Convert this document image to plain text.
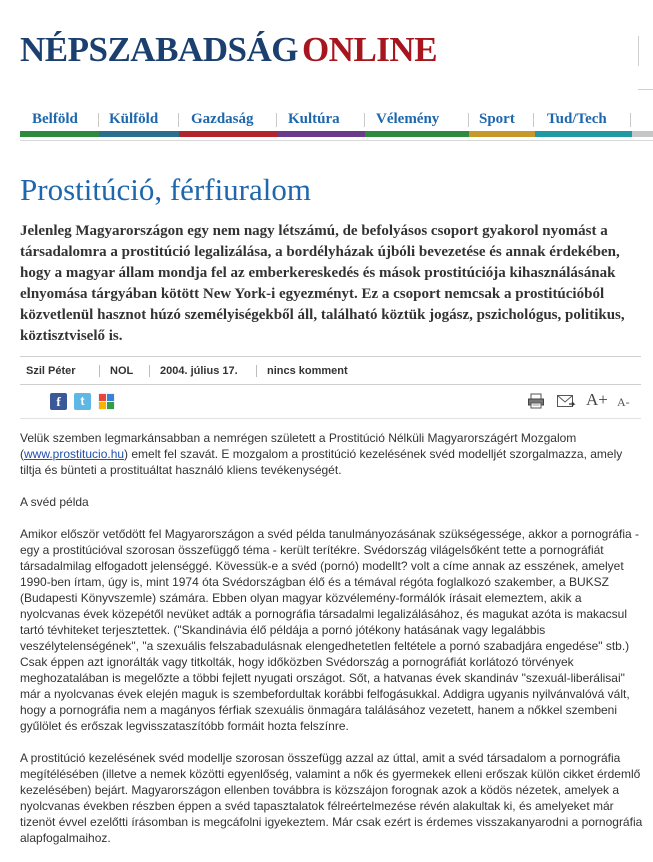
NÉPSZABADSÁG ONLINE
Belföld Külföld Gazdaság Kultúra Vélemény	Sport Tud/Tech
Prostitúció, férfiuralom

Jelenleg Magyarországon egy nem nagy létszámú, de befolyásos csoport gyakorol nyomást a társadalomra a prostitúció legalizálása, a bordélyházak újbóli bevezetése és annak érdekében, hogy a magyar állam mondja fel az emberkereskedés és mások prostitúciója kihasználásának elnyomása tárgyában kötött New York-i egyezményt. Ez a csoport nemcsak a prostitúcióból közvetlenül hasznot húzó személyiségekből áll, található köztük jogász, pszichológus, politikus, köztisztviselő is.

Szil Péter	NOL 2004. július 17.	nincs komment
f	t	A+ A-

Velük szemben legmarkánsabban a nemrégen született a Prostitúció Nélküli Magyarországért Mozgalom (www.prostitucio.hu) emelt fel szavát. E mozgalom a prostitúció kezelésének svéd modelljét szorgalmazza, amely tiltja és bünteti a prostituáltat használó kliens tevékenységét.

A svéd példa

Amikor először vetődött fel Magyarországon a svéd példa tanulmányozásának szükségessége, akkor a pornográfia - egy a prostitúcióval szorosan összefüggő téma - került terítékre. Svédország világelsőként tette a pornográfiát társadalmilag elfogadott jelenséggé. Kövessük-e a svéd (pornó) modellt? volt a címe annak az esszének, amelyet 1990-ben írtam, úgy is, mint 1974 óta Svédországban élő és a témával régóta foglalkozó szakember, a BUKSZ (Budapesti Könyvszemle) számára. Ebben olyan magyar közvélemény-formálók írásait elemeztem, akik a nyolcvanas évek közepétől nevüket adták a pornográfia társadalmi legalizálásához, és magukat azóta is makacsul tartó tévhiteket terjesztettek. ("Skandinávia élő példája a pornó jótékony hatásának vagy legalábbis veszélytelenségének", "a szexuális felszabadulásnak elengedhetetlen feltétele a pornó szabadjára engedése" stb.) Csak éppen azt ignorálták vagy titkolták, hogy időközben Svédország a pornográfiát korlátozó törvények meghozatalában is megelőzte a többi fejlett nyugati országot. Sőt, a hatvanas évek skandináv "szexuál-liberálisai" már a nyolcvanas évek elején maguk is szembefordultak korábbi felfogásukkal. Addigra ugyanis nyilvánvalóvá vált, hogy a pornográfia nem a magányos férfiak szexuális önmagára találásához vezetett, hanem a nőkkel szembeni gyűlölet és erőszak legvisszataszítóbb formáit hozta felszínre.

A prostitúció kezelésének svéd modellje szorosan összefügg azzal az úttal, amit a svéd társadalom a pornográfia megítélésében (illetve a nemek közötti egyenlőség, valamint a nők és gyermekek elleni erőszak külön cikket érdemlő kezelésében) bejárt. Magyarországon ellenben továbbra is közszájon forognak azok a ködös nézetek, amelyek a nyolcvanas években részben éppen a svéd tapasztalatok félreértelmezése révén alakultak ki, és amelyeket már tizenöt évvel ezelőtti írásomban is megcáfolni igyekeztem. Már csak ezért is érdemes visszakanyarodni a pornográfia alapfogalmaihoz.
